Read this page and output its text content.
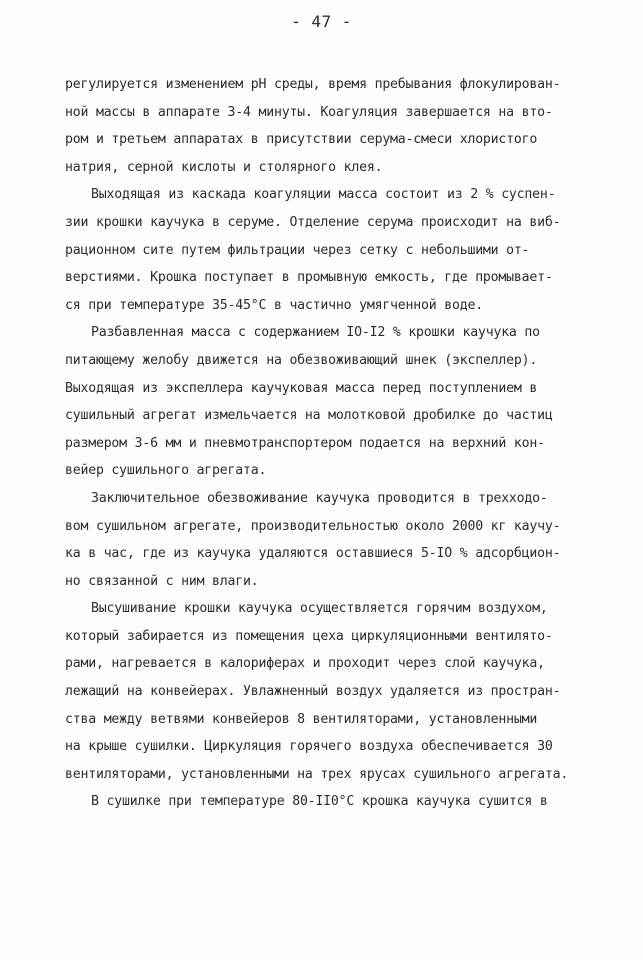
- 47 -
регулируется изменением pH среды, время пребывания флокулирован-
ной массы в аппарате 3-4 минуты. Коагуляция завершается на вто-
ром и третьем аппаратах в присутствии серума-смеси хлористого
натрия, серной кислоты и столярного клея.
Выходящая из каскада коагуляции масса состоит из 2 % суспен-
зии крошки каучука в серуме. Отделение серума происходит на виб-
рационном сите путем фильтрации через сетку с небольшими от-
верстиями. Крошка поступает в промывную емкость, где промывает-
ся при температуре 35-45°С в частично умягченной воде.
Разбавленная масса с содержанием IO-I2 % крошки каучука по
питающему желобу движется на обезвоживающий шнек (экспеллер).
Выходящая из экспеллера каучуковая масса перед поступлением в
сушильный агрегат измельчается на молотковой дробилке до частиц
размером 3-6 мм и пневмотранспортером подается на верхний кон-
вейер сушильного агрегата.
Заключительное обезвоживание каучука проводится в трехходо-
вом сушильном агрегате, производительностью около 2000 кг каучу-
ка в час, где из каучука удаляются оставшиеся 5-IO % адсорбцион-
но связанной с ним влаги.
Высушивание крошки каучука осуществляется горячим воздухом,
который забирается из помещения цеха циркуляционными вентилято-
рами, нагревается в калориферах и проходит через слой каучука,
лежащий на конвейерах. Увлажненный воздух удаляется из простран-
ства между ветвями конвейеров 8 вентиляторами, установленными
на крыше сушилки. Циркуляция горячего воздуха обеспечивается 30
вентиляторами, установленными на трех ярусах сушильного агрегата.
В сушилке при температуре 80-II0°С крошка каучука сушится в
